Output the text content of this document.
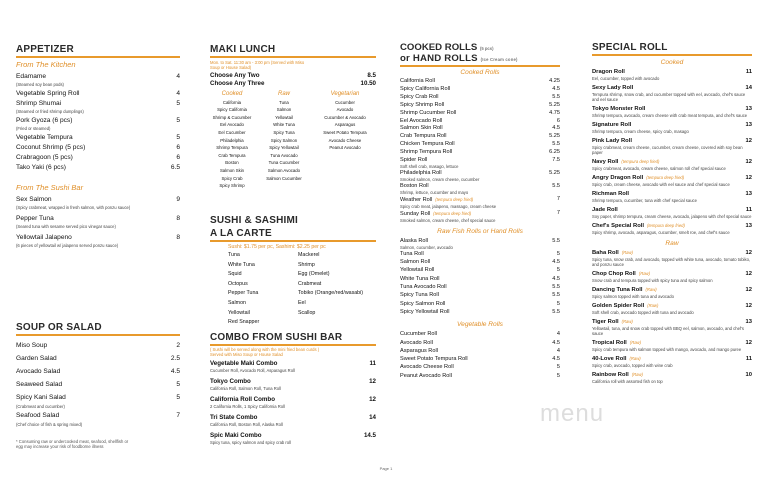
APPETIZER
From The Kitchen
Edamame	4
(Steamed soy bean pods)
Vegetable Spring Roll	4
Shrimp Shumai	5
(Steamed or fried shrimp dumplings)
Pork Gyoza (6 pcs)	5
(Fried or steamed)
Vegetable Tempura	5
Coconut Shrimp (5 pcs)	6
Crabragoon (5 pcs)	6
Tako Yaki (6 pcs)	6.5
From The Sushi Bar
Sex Salmon	9
(Spicy crabmeat, wrapped in fresh salmon, with ponzu sauce)
Pepper Tuna	8
(Seared tuna with sesame served pico vinegar sauce)
Yellowtail Jalapeno	8
(6 pieces of yellowtail w/ jalapeno served ponzu sauce)
SOUP OR SALAD
Miso Soup	2
Garden Salad	2.5
Avocado Salad	4.5
Seaweed Salad	5
Spicy Kani Salad	5
(Crabmeat and cucumber)
Seafood Salad	7
(Chef choice of fish & spring mixed)
* Consuming raw or undercooked meat, seafood, shellfish or egg may increase your risk of foodborne illness
MAKI LUNCH
Mon. to Sat. 11:30 am - 3:00 pm (Served with Miso Soup or House Salad)
Choose Any Two	8.5
Choose Any Three	10.50
Cooked
California
Spicy California
Shrimp & Cucumber
Eel Avocado
Eel Cucumber
Philadelphia
Shrimp Tempura
Crab Tempura
Boston
Salmon Skin
Spicy Crab
Spicy Shrimp
Raw
Tuna
Salmon
Yellowtail
White Tuna
Spicy Tuna
Spicy Salmon
Spicy Yellowtail
Tuna Avocado
Tuna Cucumber
Salmon Avocado
Salmon Cucumber
Vegetarian
Cucumber
Avocado
Cucumber & Avocado
Asparagus
Sweet Potato Tempura
Avocado Cheese
Peanut Avocado
SUSHI & SASHIMI
A LA CARTE
Sushi: $1.75 per pc, Sashimi: $2.25 per pc
Tuna
White Tuna
Squid
Octopus
Pepper Tuna
Salmon
Yellowtail
Red Snapper
Mackerel
Shrimp
Egg (Omelet)
Crabmeat
Tobiko (Orange/red/wasabi)
Eel
Scallop
COMBO FROM SUSHI BAR
( Sushi will be served along with the mini fried bean curds ) Served with Miso Soup or House Salad
Vegetable Maki Combo	11
Cucumber Roll, Avocado Roll, Asparagus Roll
Tokyo Combo	12
California Roll, Salmon Roll, Tuna Roll
California Roll Combo	12
2 California Rolls, 1 Spicy California Roll
Tri State Combo	14
California Roll, Boston Roll, Alaska Roll
Spic Maki Combo	14.5
Spicy tuna, spicy salmon and spicy crab roll
COOKED ROLLS (5 pcs)
or HAND ROLLS (Ice Cream cone)
Cooked Rolls
California Roll	4.25
Spicy California Roll	4.5
Spicy Crab Roll	5.5
Spicy Shrimp Roll	5.25
Shrimp Cucumber Roll	4.75
Eel Avocado Roll	6
Salmon Skin Roll	4.5
Crab Tempura Roll	5.25
Chicken Tempura Roll	5.5
Shrimp Tempura Roll	6.25
Spider Roll	7.5
Soft shell crab, masago, lettuce
Philadelphia Roll	5.25
Smoked salmon, cream cheese, cucumber
Boston Roll	5.5
Shrimp, lettuce, cucumber and mayo
Weather Roll (tempura deep fried)	7
Spicy crab meat, jalapeno, massago, cream cheese
Sunday Roll (tempura deep fried)	7
Smoked salmon, cream cheese, chef special sauce
Raw Fish Rolls or Hand Rolls
Alaska Roll	5.5
Salmon, cucumber, avocado
Tuna Roll	5
Salmon Roll	4.5
Yellowtail Roll	5
White Tuna Roll	4.5
Tuna Avocado Roll	5.5
Spicy Tuna Roll	5.5
Spicy Salmon Roll	5
Spicy Yellowtail Roll	5.5
Vegetable Rolls
Cucumber Roll	4
Avocado Roll	4.5
Asparagus Roll	4
Sweet Potato Tempura Roll	4.5
Avocado Cheese Roll	5
Peanut Avocado Roll	5
Page 1
SPECIAL ROLL
Cooked
Dragon Roll	11
Eel, cucumber, topped with avocado
Sexy Lady Roll	14
Tempura shrimp, snow crab, and cucumber topped with eel, avocado, chef's sauce and eel sauce
Tokyo Monster Roll	13
Shrimp tempura, avocado, cream cheese with crab meat tempura, and chef's sauce
Signature Roll	13
Shrimp tempura, cream cheese, spicy crab, masago
Pink Lady Roll	12
Spicy crabmeat, cream cheese, cucumber, cream cheese, covered with soy bean paper
Navy Roll (tempura deep fried)	12
Spicy crabmeat, avocado, cream cheese, salmon roll chef special sauce
Angry Dragon Roll (tempura deep fried)	12
Spicy crab, cream cheese, avocado with eel sauce and chef special sauce
Richman Roll	13
Shrimp tempura, cucumber, tuna with chef special sauce
Jade Roll	11
Soy paper, shrimp tempura, cream cheese, avocado, jalapeno with chef special sauce
Chef's Special Roll (tempura deep fried)	13
Spicy shrimp, avocado, asparagus, cucumber, smelt roe, and chef's sauce
Raw
Baha Roll (Raw)	12
Spicy tuna, snow crab, and avocado, topped with white tuna, avocado, tomato tobiko, and ponzu sauce
Chop Chop Roll (Raw)	12
Snow crab and tempura topped with spicy tuna and spicy salmon
Dancing Tuna Roll (Raw)	12
Spicy salmon topped with tuna and avocado
Golden Spider Roll (Raw)	12
Soft shell crab, avocado topped with tuna and avocado
Tiger Roll (Raw)	13
Yellowtail, tuna, and snow crab topped with BBQ eel, salmon, avocado, and chef's sauce
Tropical Roll (Raw)	12
Spicy crab tempura with salmon topped with mango, avocado, and mango puree
40-Love Roll (Raw)	11
Spicy crab, avocado, topped with wine crab
Rainbow Roll (Raw)	10
California roll with assorted fish on top
menu
